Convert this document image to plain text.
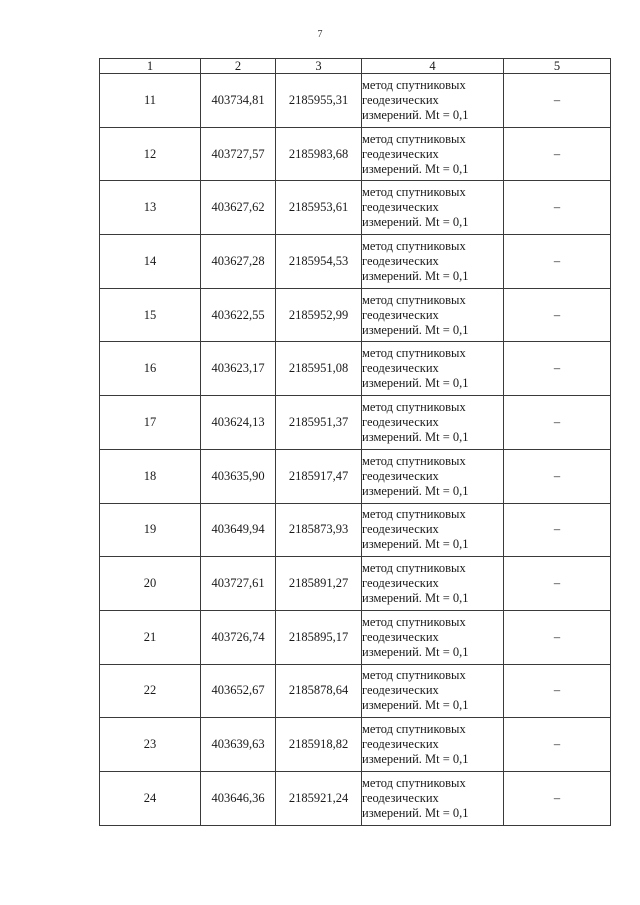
7
1	2	3	4	5
11	403734,81	2185955,31	метод спутниковых
геодезических
измерений. Mt = 0,1	–
12	403727,57	2185983,68	метод спутниковых
геодезических
измерений. Mt = 0,1	–
13	403627,62	2185953,61	метод спутниковых
геодезических
измерений. Mt = 0,1	–
14	403627,28	2185954,53	метод спутниковых
геодезических
измерений. Mt = 0,1	–
15	403622,55	2185952,99	метод спутниковых
геодезических
измерений. Mt = 0,1	–
16	403623,17	2185951,08	метод спутниковых
геодезических
измерений. Mt = 0,1	–
17	403624,13	2185951,37	метод спутниковых
геодезических
измерений. Mt = 0,1	–
18	403635,90	2185917,47	метод спутниковых
геодезических
измерений. Mt = 0,1	–
19	403649,94	2185873,93	метод спутниковых
геодезических
измерений. Mt = 0,1	–
20	403727,61	2185891,27	метод спутниковых
геодезических
измерений. Mt = 0,1	–
21	403726,74	2185895,17	метод спутниковых
геодезических
измерений. Mt = 0,1	–
22	403652,67	2185878,64	метод спутниковых
геодезических
измерений. Mt = 0,1	–
23	403639,63	2185918,82	метод спутниковых
геодезических
измерений. Mt = 0,1	–
24	403646,36	2185921,24	метод спутниковых
геодезических
измерений. Mt = 0,1	–
